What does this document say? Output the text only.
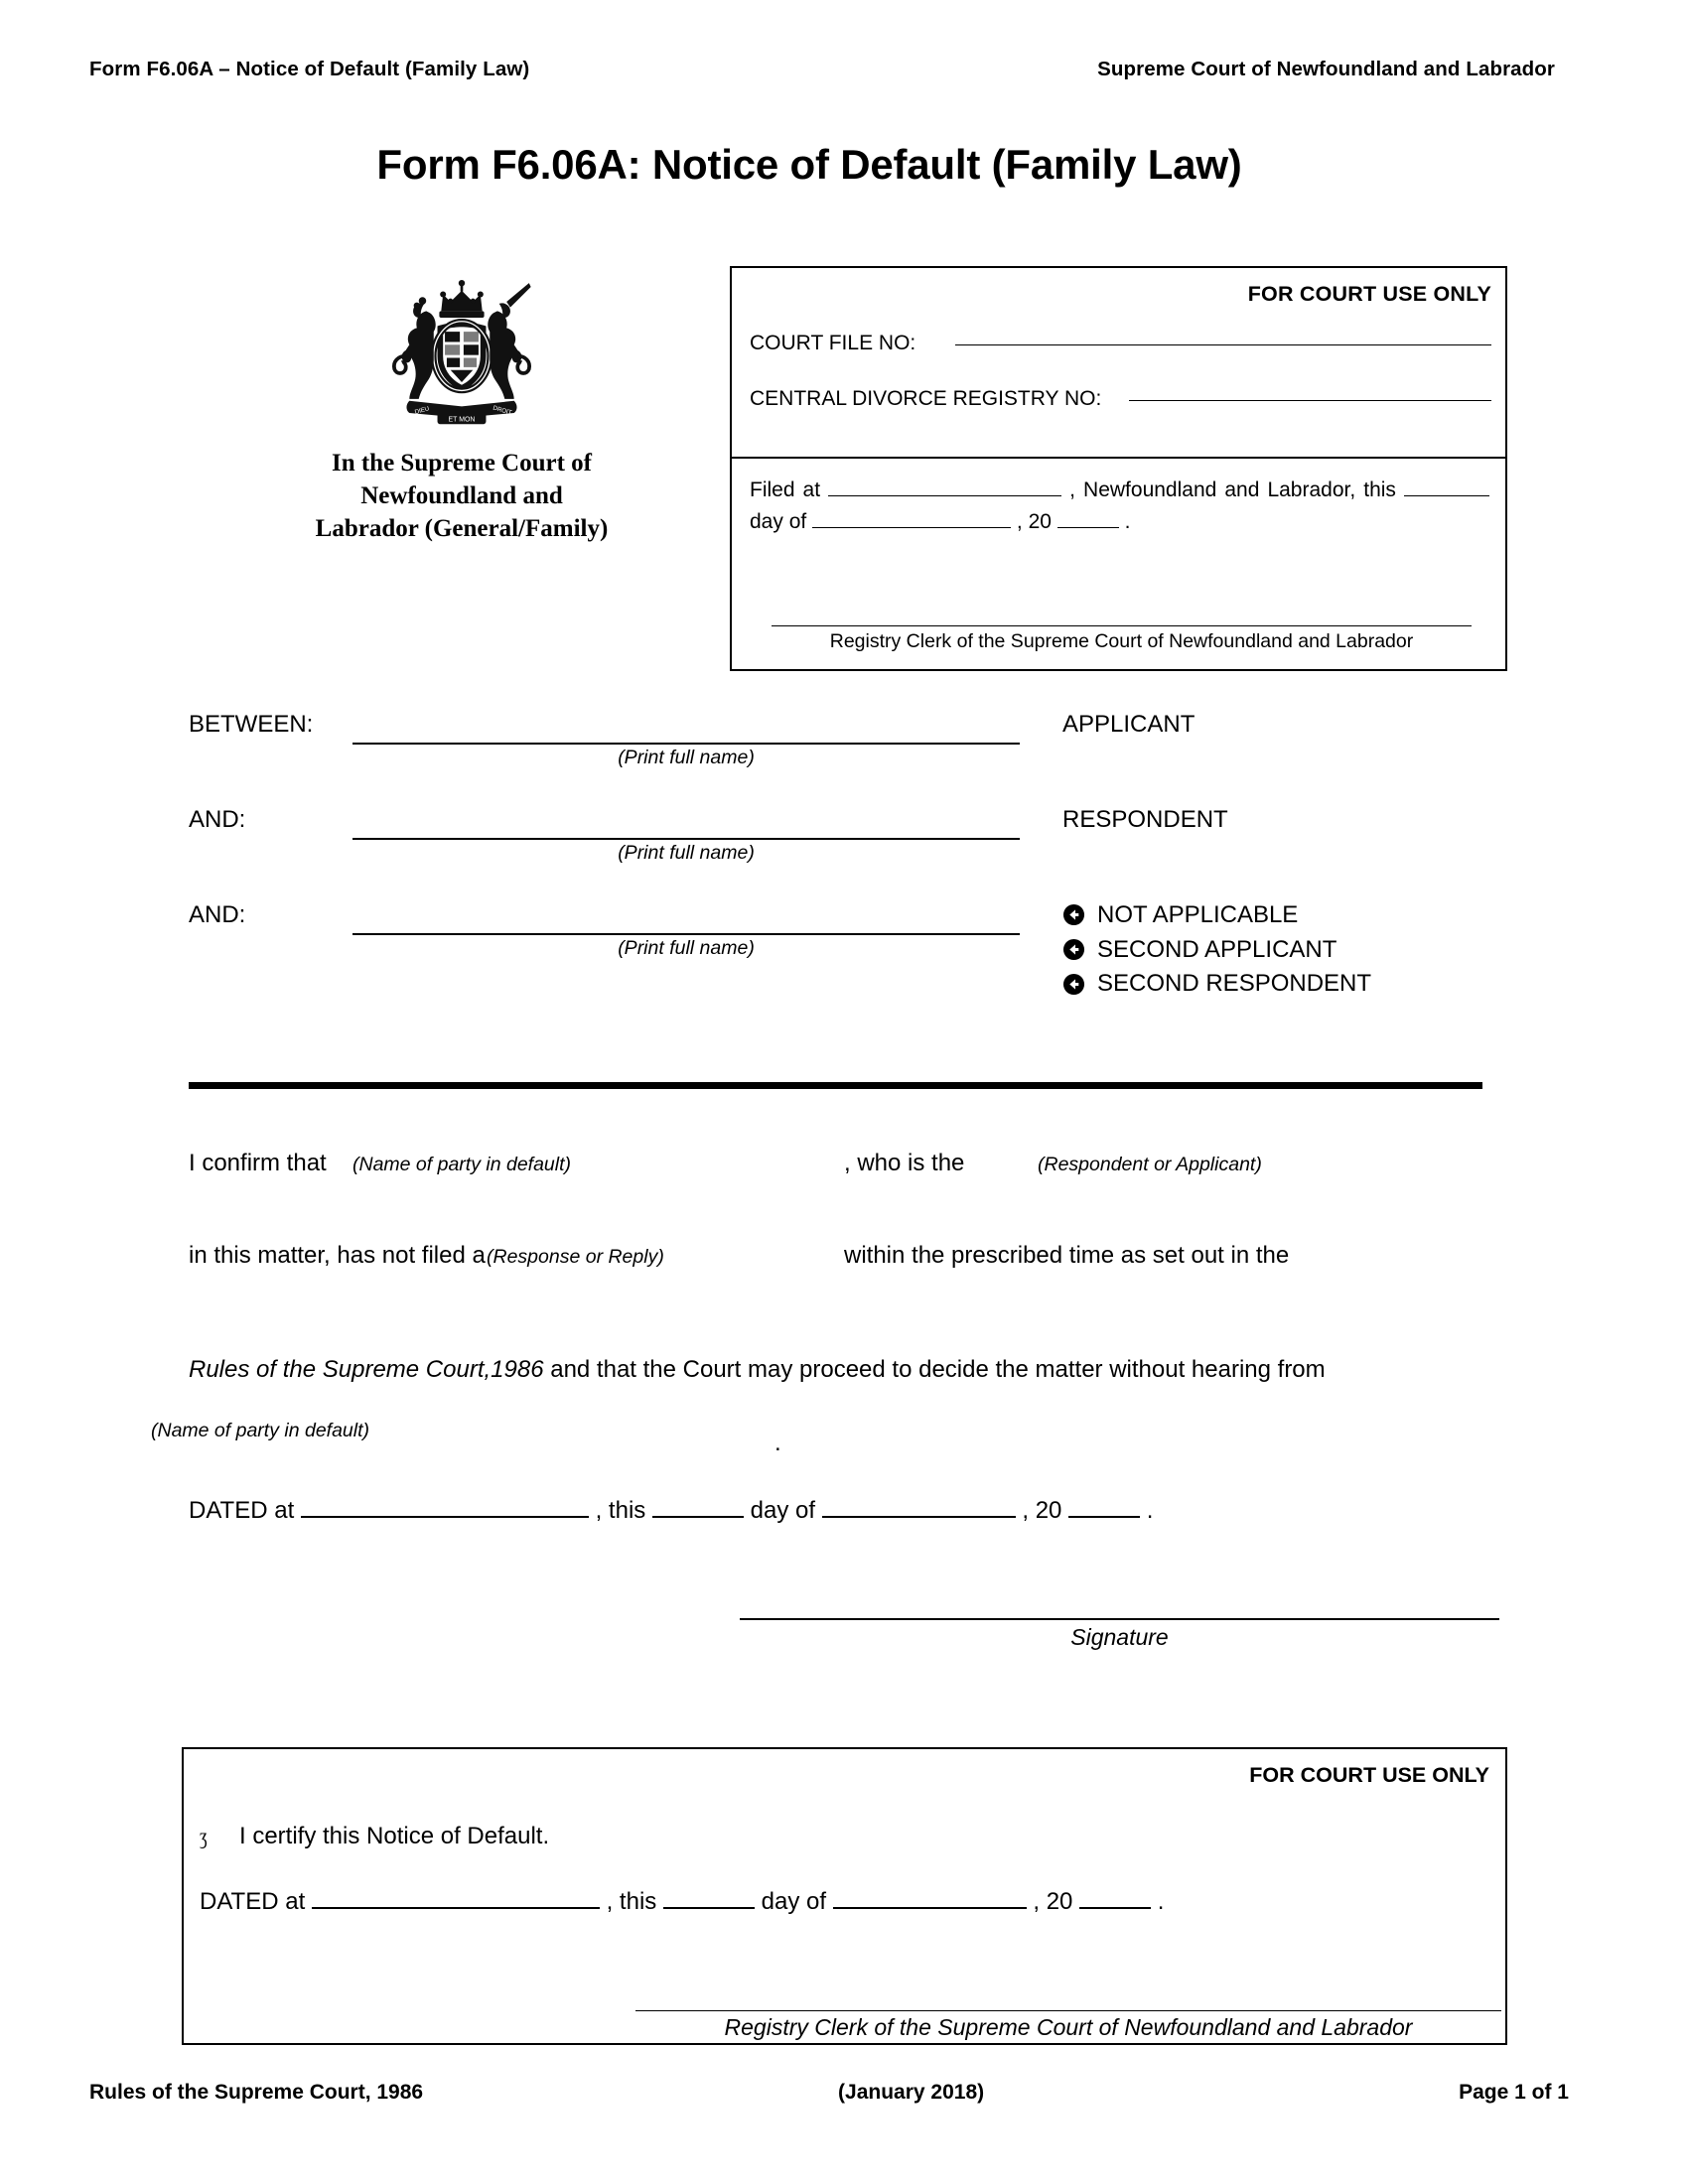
Form F6.06A – Notice of Default (Family Law)	Supreme Court of Newfoundland and Labrador
Form F6.06A: Notice of Default (Family Law)
ET MON
DIEU	DROIT
In the Supreme Court of
Newfoundland and
Labrador (General/Family)
FOR COURT USE ONLY
COURT FILE NO:
CENTRAL DIVORCE REGISTRY NO:
Filed at	, Newfoundland and Labrador, this  day of	, 20	.
Registry Clerk of the Supreme Court of Newfoundland and Labrador
BETWEEN:
(Print full name)
APPLICANT
AND:
(Print full name)
RESPONDENT
AND:
(Print full name)
NOT APPLICABLE
SECOND APPLICANT
SECOND RESPONDENT
I confirm that (Name of party in default)	, who is the	(Respondent or Applicant)
in this matter, has not filed a (Response or Reply)	within the prescribed time as set out in the
Rules of the Supreme Court,1986 and that the Court may proceed to decide the matter without hearing from
(Name of party in default)	.
DATED at	, this	day of	, 20	.
Signature
FOR COURT USE ONLY
ʒ I certify this Notice of Default.
DATED at	, this	day of	, 20	.
Registry Clerk of the Supreme Court of Newfoundland and Labrador
Rules of the Supreme Court, 1986	(January 2018)	Page 1 of 1
